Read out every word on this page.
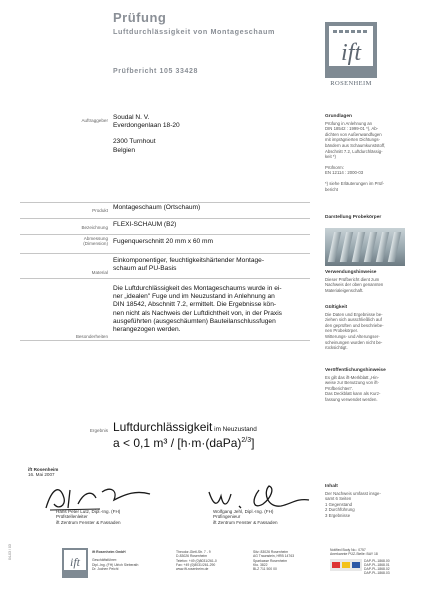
Prüfung
Luftdurchlässigkeit von Montageschaum
Prüfbericht 105 33428
ift
ROSENHEIM
Auftraggeber Soudal N. V.
Everdongenlaan 18-20
2300 Turnhout
Belgien
Produkt Montageschaum (Ortschaum)
Bezeichnung FLEXI-SCHAUM (B2)
Abmessung
(Dimension) Fugenquerschnitt 20 mm x 60 mm
Material
Einkomponentiger, feuchtigkeitshärtender Montage-
schaum auf PU-Basis
Besonderheiten
Die Luftdurchlässigkeit des Montageschaums wurde in ei-
ner „idealen" Fuge und im Neuzustand in Anlehnung an
DIN 18542, Abschnitt 7.2, ermittelt. Die Ergebnisse kön-
nen nicht als Nachweis der Luftdichtheit von, in der Praxis
ausgeführten (ausgeschäumten) Bauteilanschlussfugen
herangezogen werden.
Ergebnis Luftdurchlässigkeit im Neuzustand
a < 0,1 m³ / [h·m·(daPa)$^{2/3}$]
Grundlagen
Prüfung in Anlehnung an
DIN 18542 : 1999-01 *), Ab-
dichten von Außenwandfugen
mit imprägnierten Dichtungs-
bändern aus Schaumkunststoff,
Abschnitt 7.2, Luftdurchlässig-
keit *)
Prüfnorm:
EN 12114 : 2000-03
*) siehe Erläuterungen im Prüf-
bericht
Darstellung Probekörper
Verwendungshinweise
Dieser Prüfbericht dient zum
Nachweis der oben genannten
Materialeigenschaft.
Gültigkeit
Die Daten und Ergebnisse be-
ziehen sich ausschließlich auf
den geprüften und beschriebe-
nen Probekörper.
Witterungs- und Alterungser-
scheinungen wurden nicht be-
rücksichtigt.
Veröffentlichungshinweise
Es gilt das ift-Merkblatt „Hin-
weise zur Benutzung von ift-
Prüfberichten".
Das Deckblatt kann als Kurz-
fassung verwendet werden.
Inhalt
Der Nachweis umfasst insge-
samt 6 Seiten
1 Gegenstand
2 Durchführung
3 Ergebnisse
ift Rosenheim
16. Mai 2007
Hans Peter Lutz, Dipl.-Ing. (FH)
Prüfstellenleiter
ift Zentrum Fenster & Fassaden
Wolfgang Jehl, Dipl.-Ing. (FH)
Prüfingenieur
ift Zentrum Fenster & Fassaden
04-03 / 03
ift
ift Rosenheim GmbH
Geschäftsführer:
Dipl.-Ing. (FH) Ulrich Sieberath
Dr. Jochen Peichl
Theodor-Gietl-Str. 7 - 9
D-83026 Rosenheim
Telefon: +49 (0)8031/261-0
Fax: +49 (0)8031/261-290
www.ift-rosenheim.de
Sitz: 83026 Rosenheim
AG Traunstein, HRB 14763
Sparkasse Rosenheim
Kto. 3822
BLZ 711 500 00
Notified Body No.: 0757
Anerkannte PÜZ-Stelle: BAY 18
DAP-PL-1868.00
DAP-PL-1868.01
DAP-PL-1868.02
DAP-PL-1868.03
